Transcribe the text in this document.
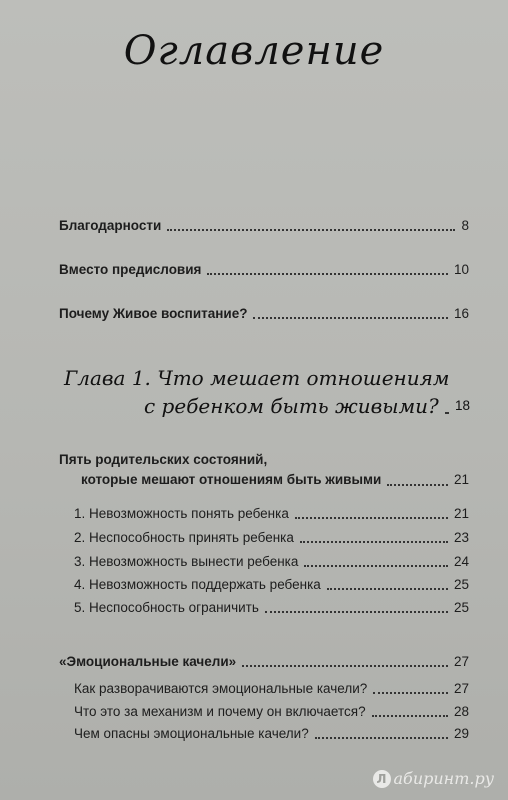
Оглавление
Благодарности	8
Вместо предисловия	10
Почему Живое воспитание?	16
Глава 1. Что мешает отношениям
с ребенком быть живыми? 18
Пять родительских состояний,
которые мешают отношениям быть живыми	21
1. Невозможность понять ребенка	21
2. Неспособность принять ребенка	23
3. Невозможность вынести ребенка	24
4. Невозможность поддержать ребенка	25
5. Неспособность ограничить	25
«Эмоциональные качели»	27
Как разворачиваются эмоциональные качели?	27
Что это за механизм и почему он включается?	28
Чем опасны эмоциональные качели?	29
Л абиринт.ру
